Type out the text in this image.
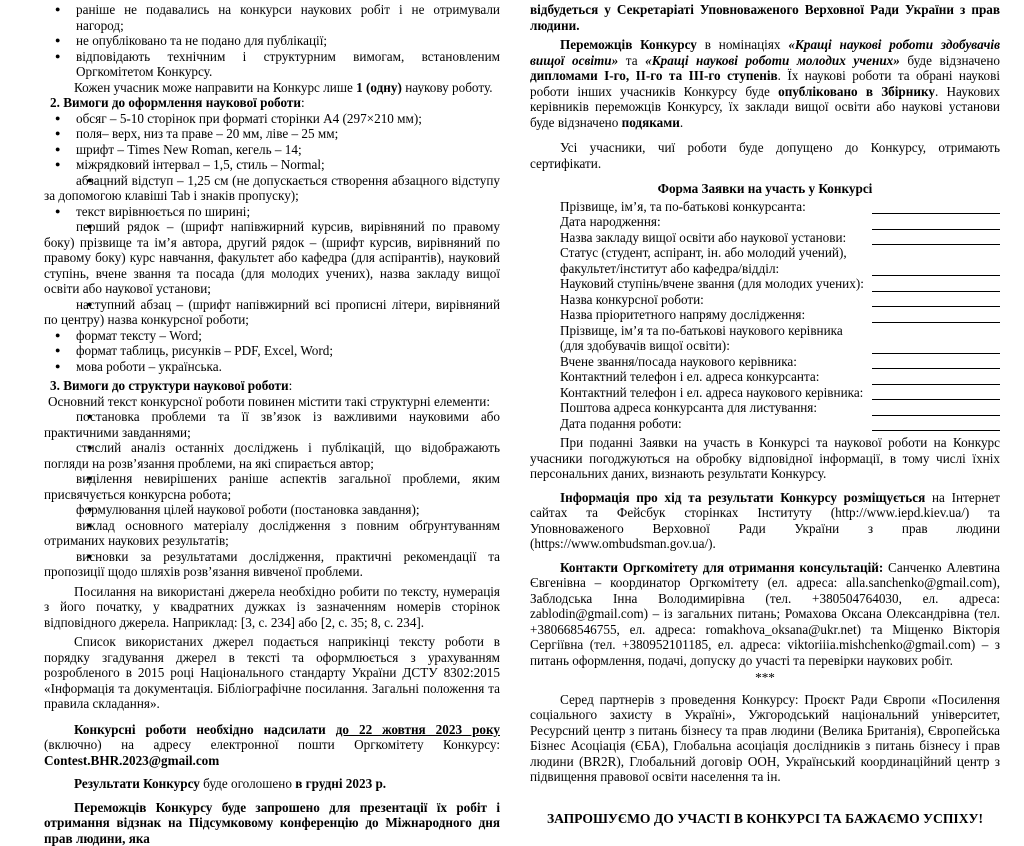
● раніше не подавались на конкурси наукових робіт і не отримували нагород;

● не опубліковано та не подано для публікації;

● відповідають технічним і структурним вимогам, встановленим Оргкомітетом Конкурсу.

Кожен учасник може направити на Конкурс лише 1 (одну) наукову роботу.

2. Вимоги до оформлення наукової роботи:

● обсяг – 5-10 сторінок при форматі сторінки А4 (297×210 мм);

● поля– верх, низ та праве – 20 мм, ліве – 25 мм;

● шрифт – Times New Roman, кегель – 14;

● міжрядковий інтервал – 1,5, стиль – Normal;

● абзацний відступ – 1,25 см (не допускається створення абзацного відступу за допомогою клавіші Tab і знаків пропуску);

● текст вирівнюється по ширині;

● перший рядок – (шрифт напівжирний курсив, вирівняний по правому боку) прізвище та ім’я автора, другий рядок – (шрифт курсив, вирівняний по правому боку) курс навчання, факультет або кафедра (для аспірантів), науковий ступінь, вчене звання та посада (для молодих учених), назва закладу вищої освіти або наукової установи;

● наступний абзац – (шрифт напівжирний всі прописні літери, вирівняний по центру) назва конкурсної роботи;

● формат тексту – Word;

● формат таблиць, рисунків – PDF, Excel, Word;

● мова роботи – українська.

3. Вимоги до структури наукової роботи:

Основний текст конкурсної роботи повинен містити такі структурні елементи:

● постановка проблеми та її зв’язок із важливими науковими або практичними завданнями;

● стислий аналіз останніх досліджень і публікацій, що відображають погляди на розв’язання проблеми, на які спирається автор;

● виділення невирішених раніше аспектів загальної проблеми, яким присвячується конкурсна робота;

● формулювання цілей наукової роботи (постановка завдання);

● виклад основного матеріалу дослідження з повним обґрунтуванням отриманих наукових результатів;

● висновки за результатами дослідження, практичні рекомендації та пропозиції щодо шляхів розв’язання вивченої проблеми.

Посилання на використані джерела необхідно робити по тексту, нумерація з його початку, у квадратних дужках із зазначенням номерів сторінок відповідного джерела. Наприклад: [3, с. 234] або [2, с. 35; 8, с. 234].

Список використаних джерел подається наприкінці тексту роботи в порядку згадування джерел в тексті та оформлюється з урахуванням розробленого в 2015 році Національного стандарту України ДСТУ 8302:2015 «Інформація та документація. Бібліографічне посилання. Загальні положення та правила складання».

Конкурсні роботи необхідно надсилати до 22 жовтня 2023 року (включно) на адресу електронної пошти Оргкомітету Конкурсу: Contest.BHR.2023@gmail.com

Результати Конкурсу буде оголошено в грудні 2023 р.

Переможців Конкурсу буде запрошено для презентації їх робіт і отримання відзнак на Підсумковому конференцію до Міжнародного дня прав людини, яка

відбудеться у Секретаріаті Уповноваженого Верховної Ради України з прав людини.

Переможців Конкурсу в номінаціях «Кращі наукові роботи здобувачів вищої освіти» та «Кращі наукові роботи молодих учених» буде відзначено дипломами І-го, ІІ-го та ІІІ-го ступенів. Їх наукові роботи та обрані наукові роботи інших учасників Конкурсу буде опубліковано в Збірнику. Наукових керівників переможців Конкурсу, їх заклади вищої освіти або наукові установи буде відзначено подяками.

Усі учасники, чиї роботи буде допущено до Конкурсу, отримають сертифікати.

Форма Заявки на участь у Конкурсі

Прізвище, ім’я, та по-батькові конкурсанта:
Дата народження:
Назва закладу вищої освіти або наукової установи:
Статус (студент, аспірант, ін. або молодий учений), факультет/інститут або кафедра/відділ:
Науковий ступінь/вчене звання (для молодих учених):
Назва конкурсної роботи:
Назва пріоритетного напряму дослідження:
Прізвище, ім’я та по-батькові наукового керівника (для здобувачів вищої освіти):
Вчене звання/посада наукового керівника:
Контактний телефон і ел. адреса конкурсанта:
Контактний телефон і ел. адреса наукового керівника:
Поштова адреса конкурсанта для листування:
Дата подання роботи:

При поданні Заявки на участь в Конкурсі та наукової роботи на Конкурс учасники погоджуються на обробку відповідної інформації, в тому числі їхніх персональних даних, визнають результати Конкурсу.

Інформація про хід та результати Конкурсу розміщується на Інтернет сайтах та Фейсбук сторінках Інституту (http://www.iepd.kiev.ua/) та Уповноваженого Верховної Ради України з прав людини (https://www.ombudsman.gov.ua/).

Контакти Оргкомітету для отримання консультацій: Санченко Алевтина Євгенівна – координатор Оргкомітету (ел. адреса: alla.sanchenko@gmail.com), Заблодська Інна Володимирівна (тел. +380504764030, ел. адреса: zablodin@gmail.com) – із загальних питань; Ромахова Оксана Олександрівна (тел. +380668546755, ел. адреса: romakhova_oksana@ukr.net) та Міщенко Вікторія Сергіївна (тел. +380952101185, ел. адреса: viktoriiia.mishchenko@gmail.com) – з питань оформлення, подачі, допуску до участі та перевірки наукових робіт.

***

Серед партнерів з проведення Конкурсу: Проєкт Ради Європи «Посилення соціального захисту в Україні», Ужгородський національний університет, Ресурсний центр з питань бізнесу та прав людини (Велика Британія), Європейська Бізнес Асоціація (ЄБА), Глобальна асоціація дослідників з питань бізнесу і прав людини (BR2R), Глобальний договір ООН, Український координаційний центр з підвищення правової освіти населення та ін.

ЗАПРОШУЄМО ДО УЧАСТІ В КОНКУРСІ ТА БАЖАЄМО УСПІХУ!
